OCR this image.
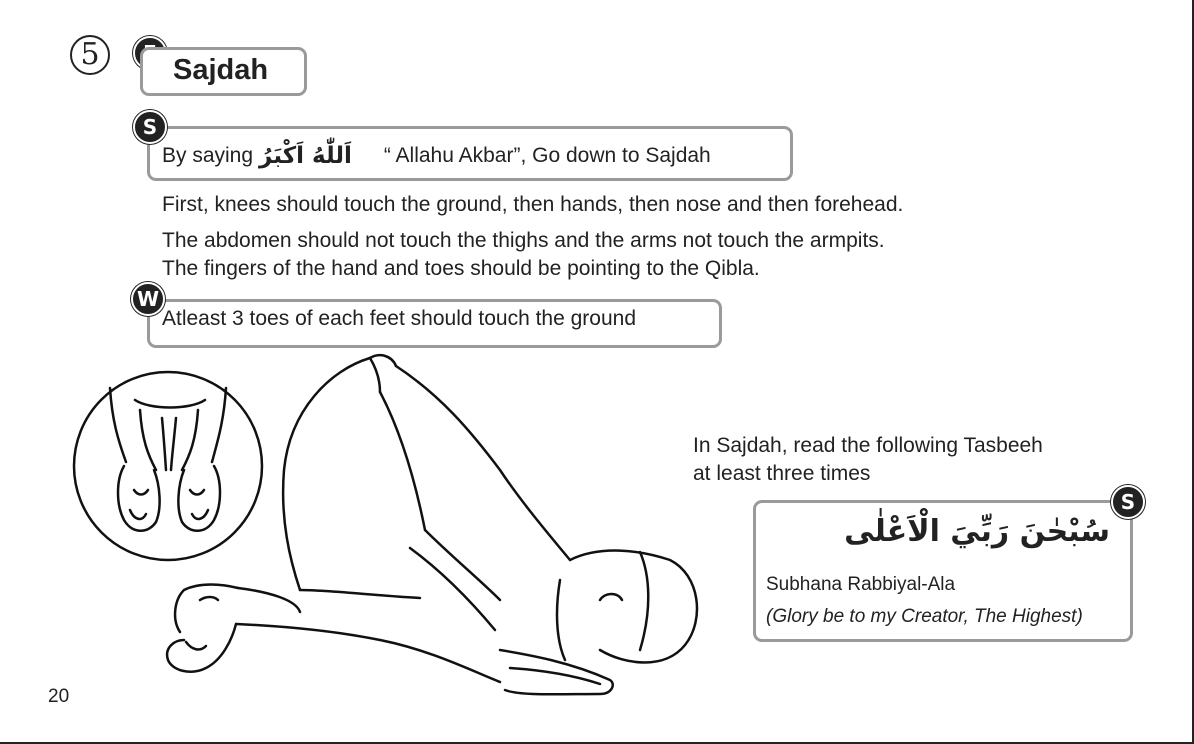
5	Sajdah
S
By saying اَللّٰهُ اَكْبَرُ “ Allahu Akbar”, Go down to Sajdah
First, knees should touch the ground, then hands, then nose and then forehead.
The abdomen should not touch the thighs and the arms not touch the armpits.
The fingers of the hand and toes should be pointing to the Qibla.
W
Atleast 3 toes of each feet should touch the ground
In Sajdah, read the following Tasbeeh
at least three times
S
سُبْحٰنَ رَبِّيَ الْاَعْلٰى
Subhana Rabbiyal-Ala
(Glory be to my Creator, The Highest)
20
